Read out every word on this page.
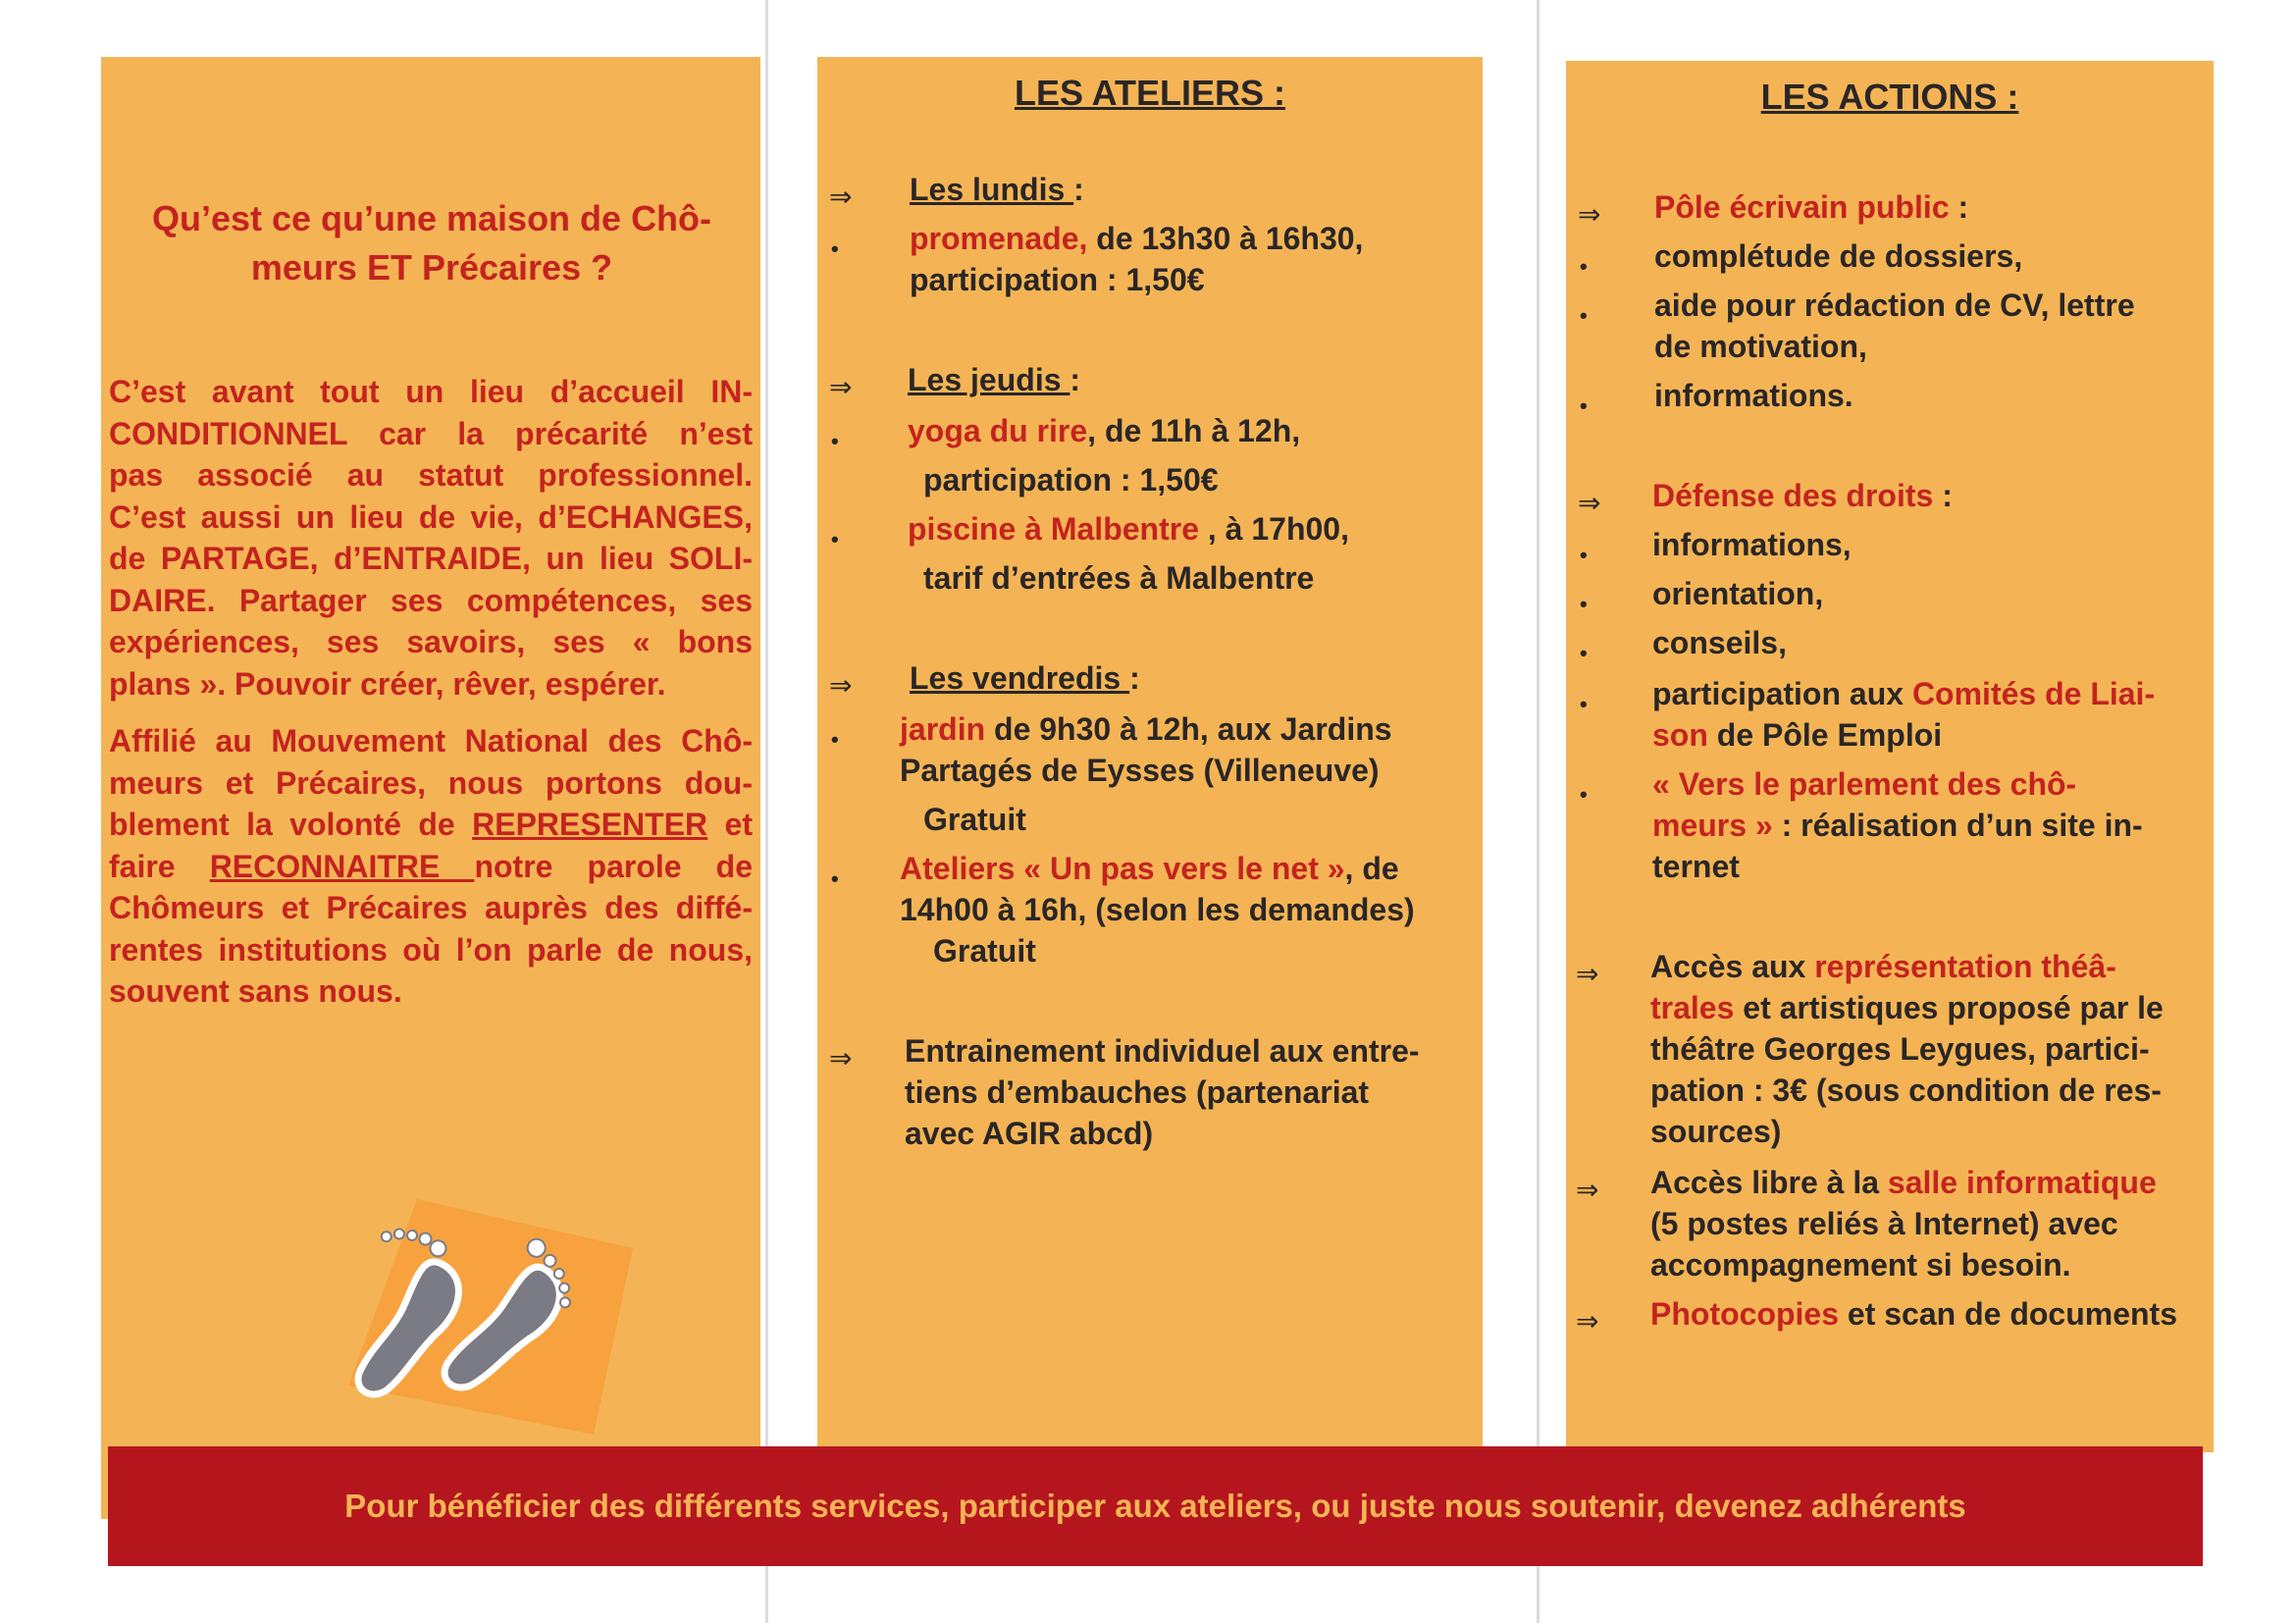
Qu’est ce qu’une maison de Chô-
meurs ET Précaires ?
C’est avant tout un lieu d’accueil IN-
CONDITIONNEL car la précarité n’est
pas associé au statut professionnel.
C’est aussi un lieu de vie, d’ECHANGES,
de PARTAGE, d’ENTRAIDE, un lieu SOLI-
DAIRE. Partager ses compétences, ses
expériences, ses savoirs, ses « bons
plans ». Pouvoir créer, rêver, espérer.
Affilié au Mouvement National des Chô-
meurs et Précaires, nous portons dou-
blement la volonté de REPRESENTER et
faire RECONNAITRE notre parole de
Chômeurs et Précaires auprès des diffé-
rentes institutions où l’on parle de nous,
souvent sans nous.
LES ATELIERS :
⇒ Les lundis :
• promenade, de 13h30 à 16h30,
participation : 1,50€
⇒ Les jeudis :
• yoga du rire, de 11h à 12h,
participation : 1,50€
• piscine à Malbentre , à 17h00,
tarif d’entrées à Malbentre
⇒ Les vendredis :
• jardin de 9h30 à 12h, aux Jardins
Partagés de Eysses (Villeneuve)
Gratuit
• Ateliers « Un pas vers le net », de
14h00 à 16h, (selon les demandes)
Gratuit
⇒ Entrainement individuel aux entre-
tiens d’embauches (partenariat
avec AGIR abcd)
LES ACTIONS :
⇒ Pôle écrivain public :
• complétude de dossiers,
• aide pour rédaction de CV, lettre
de motivation,
• informations.
⇒ Défense des droits :
• informations,
• orientation,
• conseils,
• participation aux Comités de Liai-
son de Pôle Emploi
• « Vers le parlement des chô-
meurs » : réalisation d’un site in-
ternet
⇒ Accès aux représentation théâ-
trales et artistiques proposé par le
théâtre Georges Leygues, partici-
pation : 3€ (sous condition de res-
sources)
⇒ Accès libre à la salle informatique
(5 postes reliés à Internet) avec
accompagnement si besoin.
⇒ Photocopies et scan de documents
Pour bénéficier des différents services, participer aux ateliers, ou juste nous soutenir, devenez adhérents
